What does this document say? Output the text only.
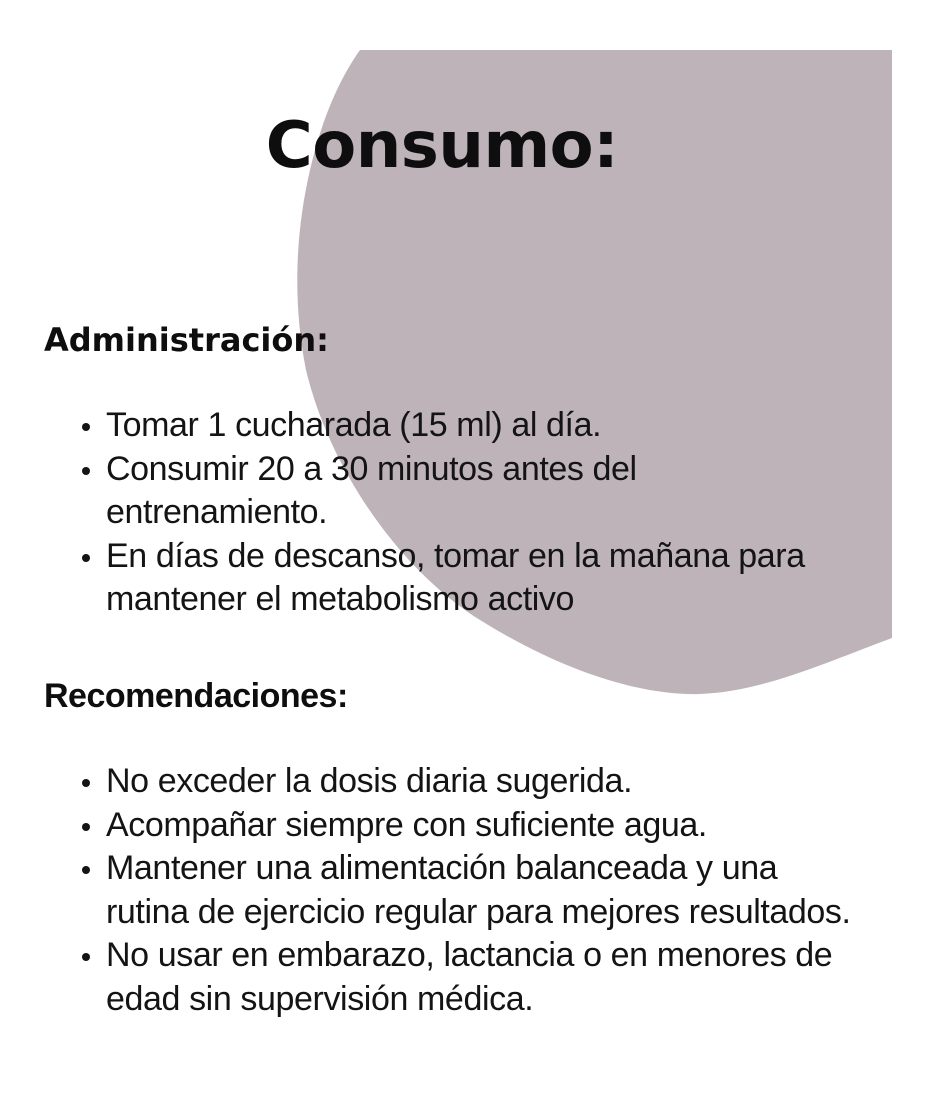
Consumo:
Administración:
Tomar 1 cucharada (15 ml) al día.
Consumir 20 a 30 minutos antes del entrenamiento.
En días de descanso, tomar en la mañana para mantener el metabolismo activo
Recomendaciones:
No exceder la dosis diaria sugerida.
Acompañar siempre con suficiente agua.
Mantener una alimentación balanceada y una rutina de ejercicio regular para mejores resultados.
No usar en embarazo, lactancia o en menores de edad sin supervisión médica.
